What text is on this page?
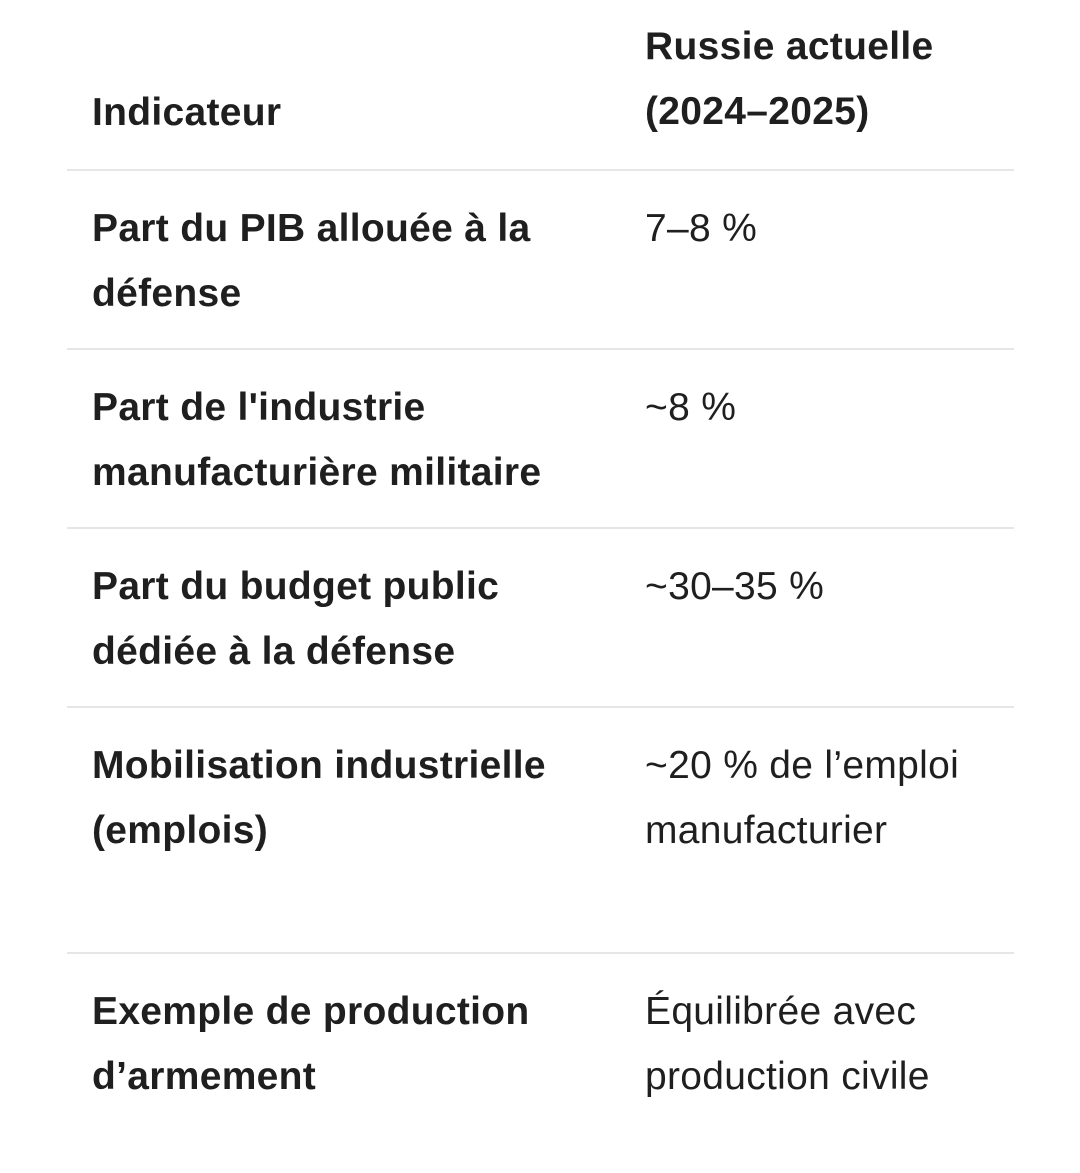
Indicateur
Russie actuelle
(2024–2025)
Part du PIB allouée à la
défense
7–8 %
Part de l'industrie
manufacturière militaire
~8 %
Part du budget public
dédiée à la défense
~30–35 %
Mobilisation industrielle
(emplois)
~20 % de l’emploi
manufacturier
Exemple de production
d’armement
Équilibrée avec
production civile
